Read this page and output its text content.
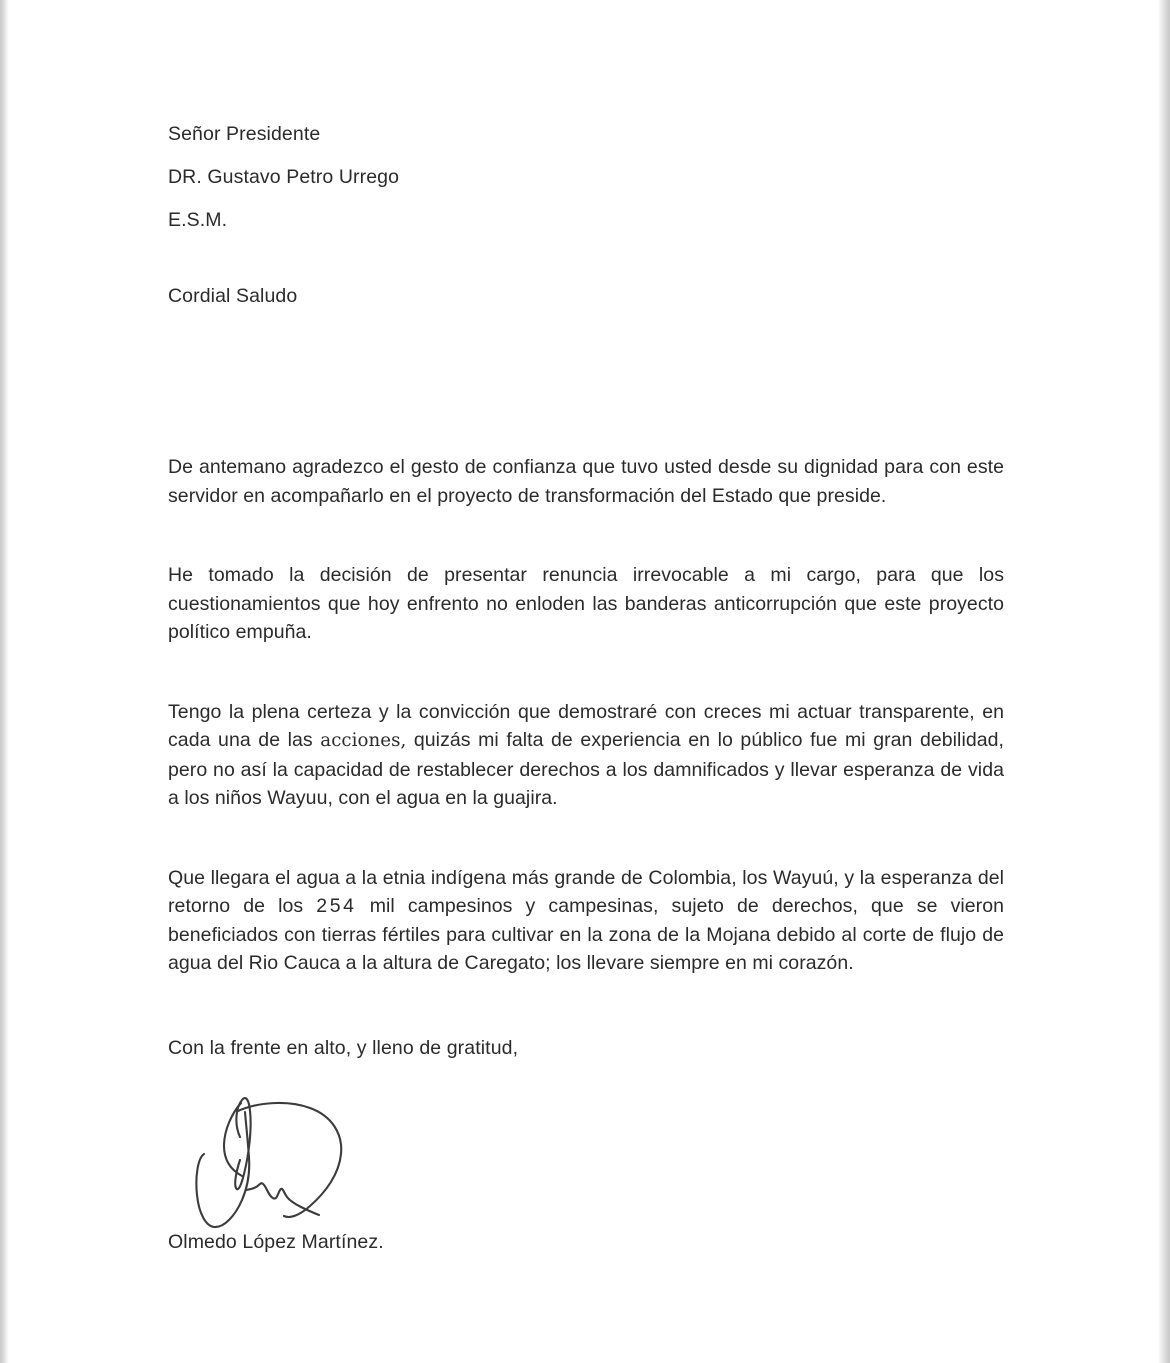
Señor Presidente
DR. Gustavo Petro Urrego
E.S.M.
Cordial Saludo

De antemano agradezco el gesto de confianza que tuvo usted desde su dignidad para con este servidor en acompañarlo en el proyecto de transformación del Estado que preside.

He tomado la decisión de presentar renuncia irrevocable a mi cargo, para que los cuestionamientos que hoy enfrento no enloden las banderas anticorrupción que este proyecto político empuña.

Tengo la plena certeza y la convicción que demostraré con creces mi actuar transparente, en cada una de las acciones, quizás mi falta de experiencia en lo público fue mi gran debilidad, pero no así la capacidad de restablecer derechos a los damnificados y llevar esperanza de vida a los niños Wayuu, con el agua en la guajira.

Que llegara el agua a la etnia indígena más grande de Colombia, los Wayuú, y la esperanza del retorno de los 254 mil campesinos y campesinas, sujeto de derechos, que se vieron beneficiados con tierras fértiles para cultivar en la zona de la Mojana debido al corte de flujo de agua del Rio Cauca a la altura de Caregato; los llevare siempre en mi corazón.

Con la frente en alto, y lleno de gratitud,
Olmedo López Martínez.
